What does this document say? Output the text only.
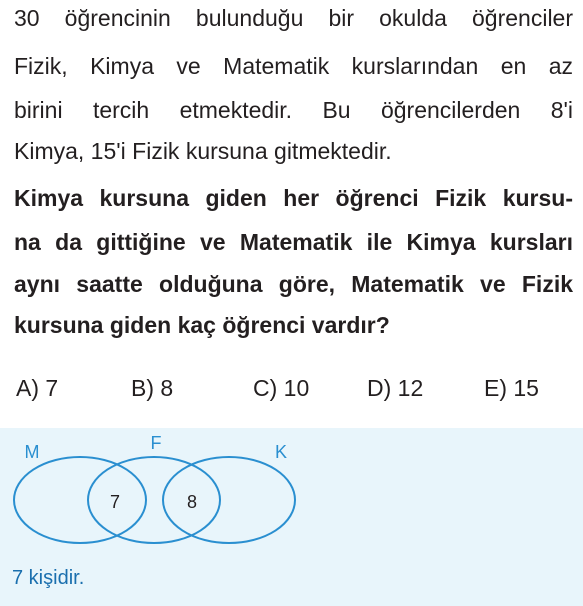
30 öğrencinin bulunduğu bir okulda öğrenciler
Fizik, Kimya ve Matematik kurslarından en az
birini tercih etmektedir. Bu öğrencilerden 8'i
Kimya, 15'i Fizik kursuna gitmektedir.
Kimya kursuna giden her öğrenci Fizik kursu-
na da gittiğine ve Matematik ile Kimya kursları
aynı saatte olduğuna göre, Matematik ve Fizik
kursuna giden kaç öğrenci vardır?
A) 7	B) 8	C) 10	D) 12	E) 15
M	F	K
7	8
7 kişidir.
